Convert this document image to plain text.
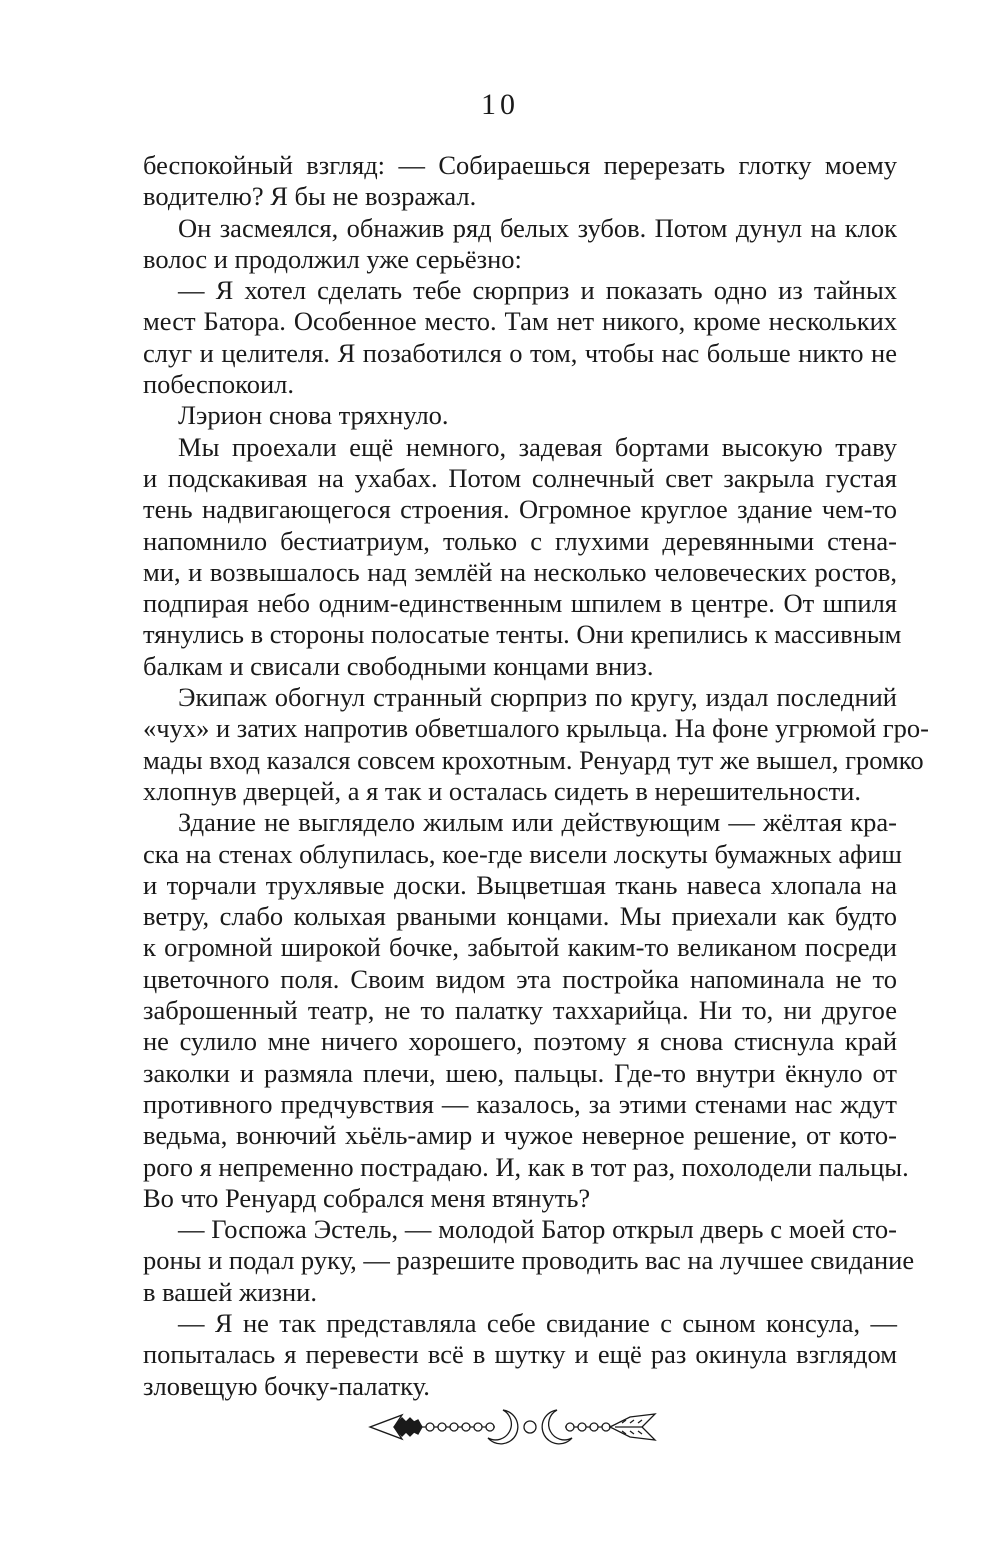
10
беспокойный взгляд: — Собираешься перерезать глотку моему
водителю? Я бы не возражал.
Он засмеялся, обнажив ряд белых зубов. Потом дунул на клок
волос и продолжил уже серьёзно:
— Я хотел сделать тебе сюрприз и показать одно из тайных
мест Батора. Особенное место. Там нет никого, кроме нескольких
слуг и целителя. Я позаботился о том, чтобы нас больше никто не
побеспокоил.
Лэрион снова тряхнуло.
Мы проехали ещё немного, задевая бортами высокую траву
и подскакивая на ухабах. Потом солнечный свет закрыла густая
тень надвигающегося строения. Огромное круглое здание чем-то
напомнило бестиатриум, только с глухими деревянными стена-
ми, и возвышалось над землёй на несколько человеческих ростов,
подпирая небо одним-единственным шпилем в центре. От шпиля
тянулись в стороны полосатые тенты. Они крепились к массивным
балкам и свисали свободными концами вниз.
Экипаж обогнул странный сюрприз по кругу, издал последний
«чух» и затих напротив обветшалого крыльца. На фоне угрюмой гро-
мады вход казался совсем крохотным. Ренуард тут же вышел, громко
хлопнув дверцей, а я так и осталась сидеть в нерешительности.
Здание не выглядело жилым или действующим — жёлтая кра-
ска на стенах облупилась, кое-где висели лоскуты бумажных афиш
и торчали трухлявые доски. Выцветшая ткань навеса хлопала на
ветру, слабо колыхая рваными концами. Мы приехали как будто
к огромной широкой бочке, забытой каким-то великаном посреди
цветочного поля. Своим видом эта постройка напоминала не то
заброшенный театр, не то палатку таххарийца. Ни то, ни другое
не сулило мне ничего хорошего, поэтому я снова стиснула край
заколки и размяла плечи, шею, пальцы. Где-то внутри ёкнуло от
противного предчувствия — казалось, за этими стенами нас ждут
ведьма, вонючий хьёль-амир и чужое неверное решение, от кото-
рого я непременно пострадаю. И, как в тот раз, похолодели пальцы.
Во что Ренуард собрался меня втянуть?
— Госпожа Эстель, — молодой Батор открыл дверь с моей сто-
роны и подал руку, — разрешите проводить вас на лучшее свидание
в вашей жизни.
— Я не так представляла себе свидание с сыном консула, —
попыталась я перевести всё в шутку и ещё раз окинула взглядом
зловещую бочку-палатку.
